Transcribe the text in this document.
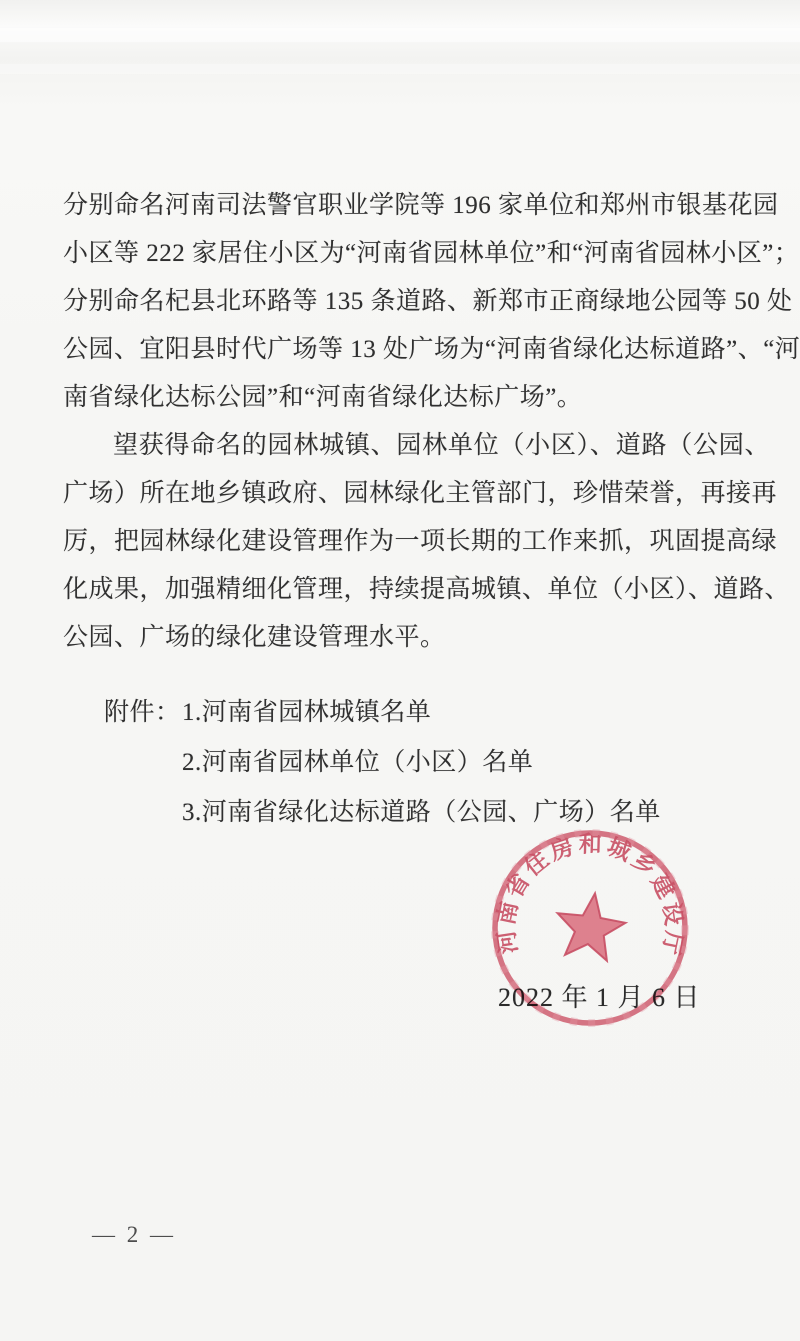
分别命名河南司法警官职业学院等 196 家单位和郑州市银基花园
小区等 222 家居住小区为“河南省园林单位”和“河南省园林小区”；
分别命名杞县北环路等 135 条道路、新郑市正商绿地公园等 50 处
公园、宜阳县时代广场等 13 处广场为“河南省绿化达标道路”、“河
南省绿化达标公园”和“河南省绿化达标广场”。
望获得命名的园林城镇、园林单位（小区）、道路（公园、
广场）所在地乡镇政府、园林绿化主管部门，珍惜荣誉，再接再
厉，把园林绿化建设管理作为一项长期的工作来抓，巩固提高绿
化成果，加强精细化管理，持续提高城镇、单位（小区）、道路、
公园、广场的绿化建设管理水平。
附件：1.河南省园林城镇名单
2.河南省园林单位（小区）名单
3.河南省绿化达标道路（公园、广场）名单
2022 年 1 月 6 日
河南省住房和城乡建设厅
— 2 —
